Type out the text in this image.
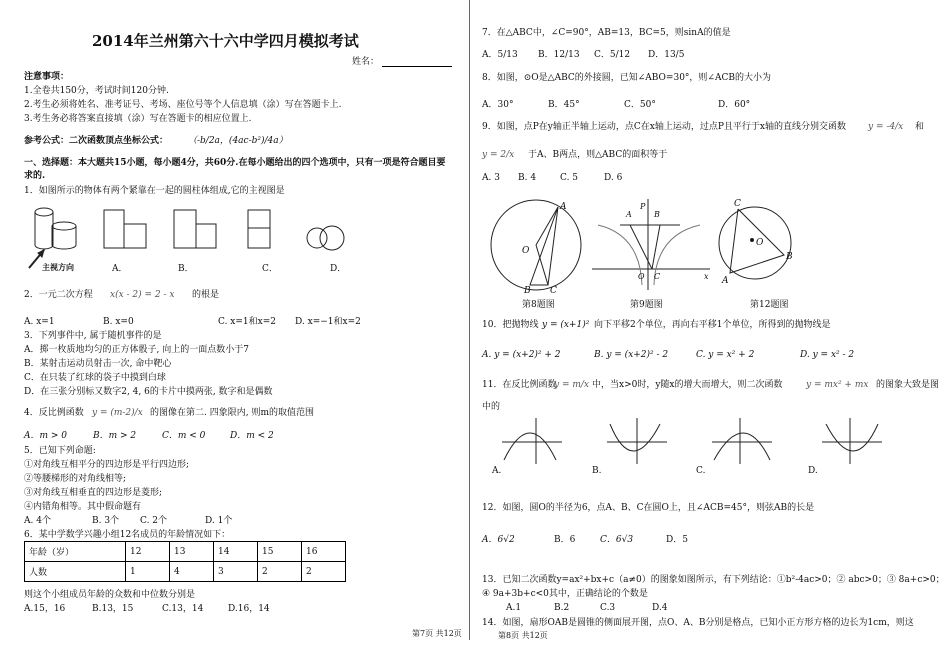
2014年兰州第六十六中学四月模拟考试
姓名：
注意事项：
1.全卷共150分，考试时间120分钟.
2.考生必须将姓名、准考证号、考场、座位号等个人信息填（涂）写在答题卡上.
3.考生务必将答案直接填（涂）写在答题卡的相应位置上.
参考公式：二次函数顶点坐标公式： （-b/2a，(4ac-b²)/4a）
一、选择题：本大题共15小题，每小题4分，共60分.在每小题给出的四个选项中，只有一项是符合题目要
求的.
1．如图所示的物体有两个紧靠在一起的圆柱体组成,它的主视图是
主视方向	A．	B．	C．	D．
2．一元二次方程 x(x - 2) = 2 - x 的根是
A. x=1	B. x=0	C. x=1和x=2 D. x=−1和x=2
3．下列事件中, 属于随机事件的是
A．掷一枚质地均匀的正方体骰子, 向上的一面点数小于7
B．某射击运动员射击一次, 命中靶心
C．在只装了红球的袋子中摸到白球
D．在三张分别标又数字2, 4, 6的卡片中摸两张, 数字和是偶数
4．反比例函数 y = (m-2)/x 的图像在第二. 四象限内, 则m的取值范围
A．m > 0	B．m > 2	C．m < 0	D．m < 2
5．已知下列命题:
①对角线互相平分的四边形是平行四边形;
②等腰梯形的对角线相等;
③对角线互相垂直的四边形是菱形;
④内错角相等。其中假命题有
A. 4个	B. 3个 C. 2个	D. 1个
6．某中学数学兴趣小组12名成员的年龄情况如下：
年龄（岁）	12	13	14	15	16
人数	1	4	3	2	2
则这个小组成员年龄的众数和中位数分别是
A.15，16	B.13，15	C.13，14	D.16，14
第7页 共12页
7．在△ABC中，∠C=90°，AB=13，BC=5，则sinA的值是
A．5/13 B．12/13 C．5/12 D．13/5
8．如图，⊙O是△ABC的外接圆，已知∠ABO=30°，则∠ACB的大小为
A．30°	B．45°	C．50°	D．60°
9．如图，点P在y轴正半轴上运动，点C在x轴上运动，过点P且平行于x轴的直线分别交函数 y = -4/x 和
y = 2/x 于A、B两点，则△ABC的面积等于
A. 3 B. 4	C. 5	D. 6
A
O
B C
A	B
P
O C	x
C
O
A
B
第8题图	第9题图	第12题图
10．把抛物线 y = (x+1)² 向下平移2个单位，再向右平移1个单位，所得到的抛物线是
A. y = (x+2)² + 2	B. y = (x+2)² - 2	C. y = x² + 2	D. y = x² - 2
11．在反比例函数
y = m/x 中，当x>0时，y随x的增大而增大，则二次函数	y = mx² + mx 的图象大致是图
中的
A.	B.	C.	D.
12．如图，圆O的半径为6，点A、B、C在圆O上，且∠ACB=45°，则弦AB的长是
A．6√2	B．6	C．6√3	D．5
13．已知二次函数y=ax²+bx+c（a≠0）的图象如图所示，有下列结论：①b²-4ac>0；② abc>0；③ 8a+c>0；
④ 9a+3b+c<0其中，正确结论的个数是
A.1	B.2	C.3	D.4
14．如图，扇形OAB是圆锥的侧面展开图，点O、A、B分别是格点，已知小正方形方格的边长为1cm，则这
第8页 共12页
